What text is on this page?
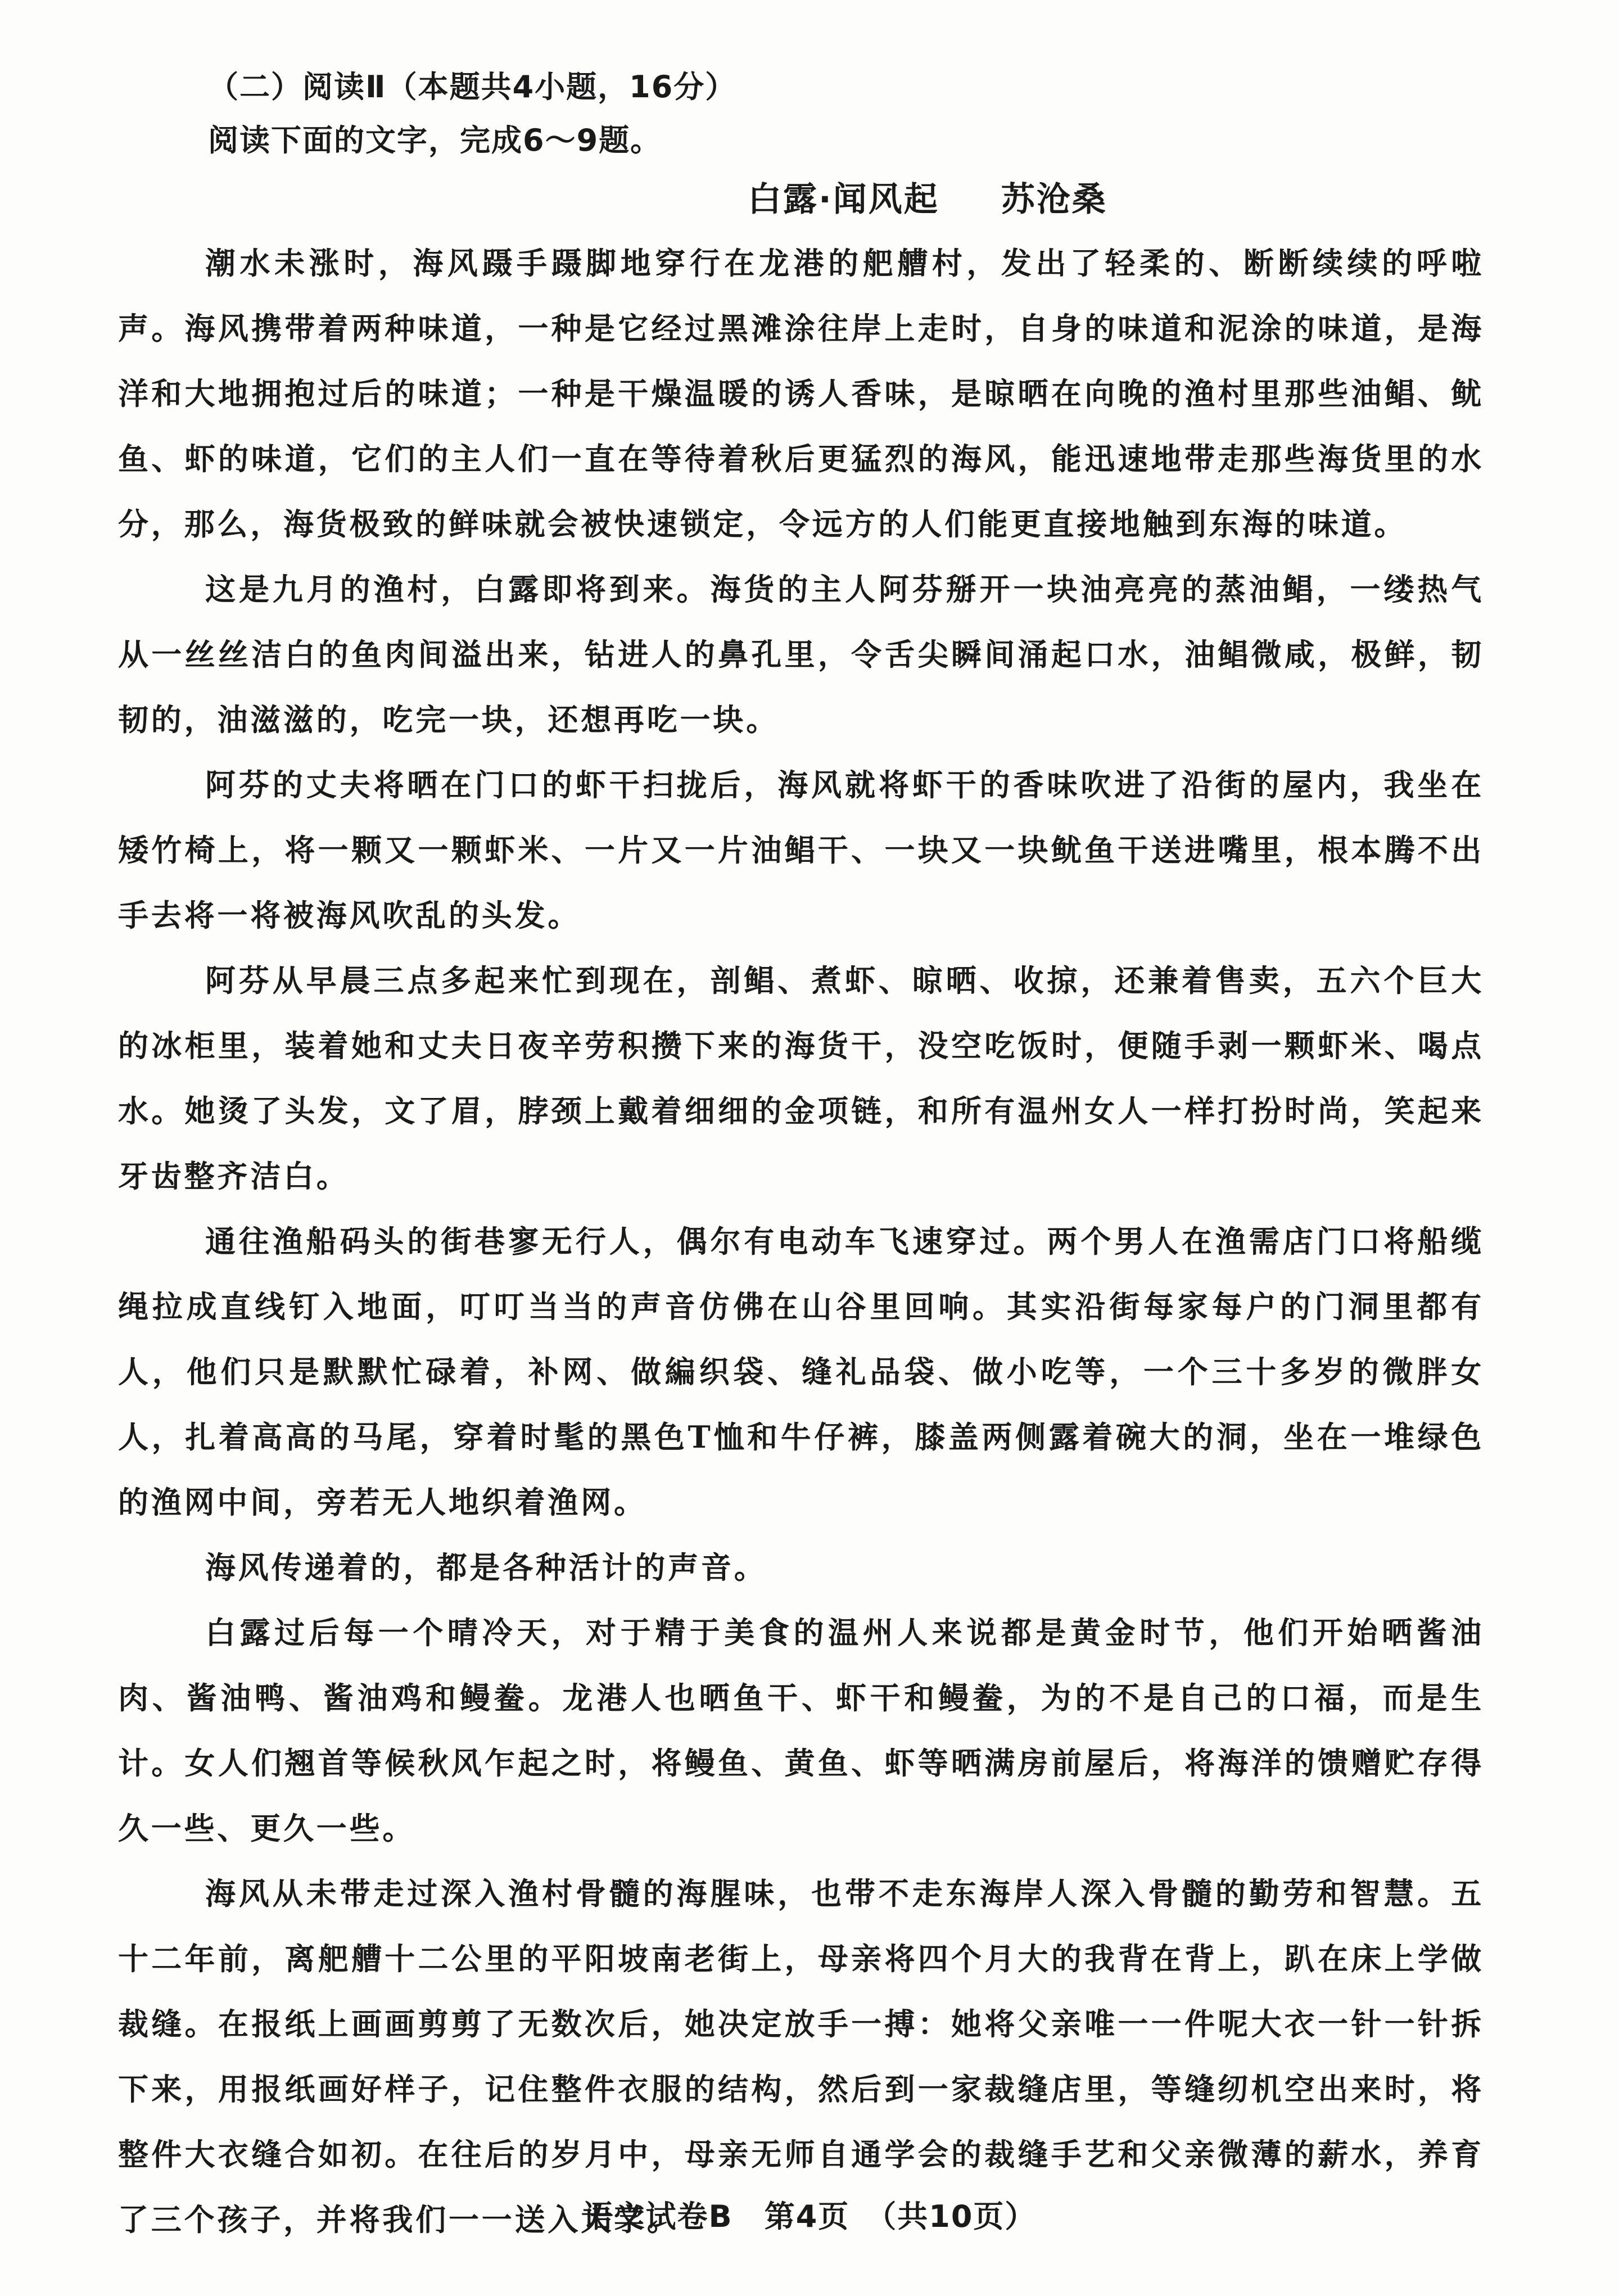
（二）阅读Ⅱ（本题共4小题，16分）
阅读下面的文字，完成6～9题。
白露·闻风起 苏沧桑

潮水未涨时，海风蹑手蹑脚地穿行在龙港的舥艚村，发出了轻柔的、断断续续的呼啦声。海风携带着两种味道，一种是它经过黑滩涂往岸上走时，自身的味道和泥涂的味道，是海洋和大地拥抱过后的味道；一种是干燥温暖的诱人香味，是晾晒在向晚的渔村里那些油鲳、鱿鱼、虾的味道，它们的主人们一直在等待着秋后更猛烈的海风，能迅速地带走那些海货里的水分，那么，海货极致的鲜味就会被快速锁定，令远方的人们能更直接地触到东海的味道。

这是九月的渔村，白露即将到来。海货的主人阿芬掰开一块油亮亮的蒸油鲳，一缕热气从一丝丝洁白的鱼肉间溢出来，钻进人的鼻孔里，令舌尖瞬间涌起口水，油鲳微咸，极鲜，韧韧的，油滋滋的，吃完一块，还想再吃一块。

阿芬的丈夫将晒在门口的虾干扫拢后，海风就将虾干的香味吹进了沿街的屋内，我坐在矮竹椅上，将一颗又一颗虾米、一片又一片油鲳干、一块又一块鱿鱼干送进嘴里，根本腾不出手去将一将被海风吹乱的头发。

阿芬从早晨三点多起来忙到现在，剖鲳、煮虾、晾晒、收掠，还兼着售卖，五六个巨大的冰柜里，装着她和丈夫日夜辛劳积攒下来的海货干，没空吃饭时，便随手剥一颗虾米、喝点水。她烫了头发，文了眉，脖颈上戴着细细的金项链，和所有温州女人一样打扮时尚，笑起来牙齿整齐洁白。

通往渔船码头的街巷寥无行人，偶尔有电动车飞速穿过。两个男人在渔需店门口将船缆绳拉成直线钉入地面，叮叮当当的声音仿佛在山谷里回响。其实沿街每家每户的门洞里都有人，他们只是默默忙碌着，补网、做編织袋、缝礼品袋、做小吃等，一个三十多岁的微胖女人，扎着高高的马尾，穿着时髦的黑色T恤和牛仔裤，膝盖两侧露着碗大的洞，坐在一堆绿色的渔网中间，旁若无人地织着渔网。

海风传递着的，都是各种活计的声音。

白露过后每一个晴冷天，对于精于美食的温州人来说都是黄金时节，他们开始晒酱油肉、酱油鸭、酱油鸡和鳗鲞。龙港人也晒鱼干、虾干和鳗鲞，为的不是自己的口福，而是生计。女人们翘首等候秋风乍起之时，将鳗鱼、黄鱼、虾等晒满房前屋后，将海洋的馈赠贮存得久一些、更久一些。

海风从未带走过深入渔村骨髓的海腥味，也带不走东海岸人深入骨髓的勤劳和智慧。五十二年前，离舥艚十二公里的平阳坡南老街上，母亲将四个月大的我背在背上，趴在床上学做裁缝。在报纸上画画剪剪了无数次后，她决定放手一搏：她将父亲唯一一件呢大衣一针一针拆下来，用报纸画好样子，记住整件衣服的结构，然后到一家裁缝店里，等缝纫机空出来时，将整件大衣缝合如初。在往后的岁月中，母亲无师自通学会的裁缝手艺和父亲微薄的薪水，养育了三个孩子，并将我们一一送入大学。

语文试卷B　第4页　（共10页）
